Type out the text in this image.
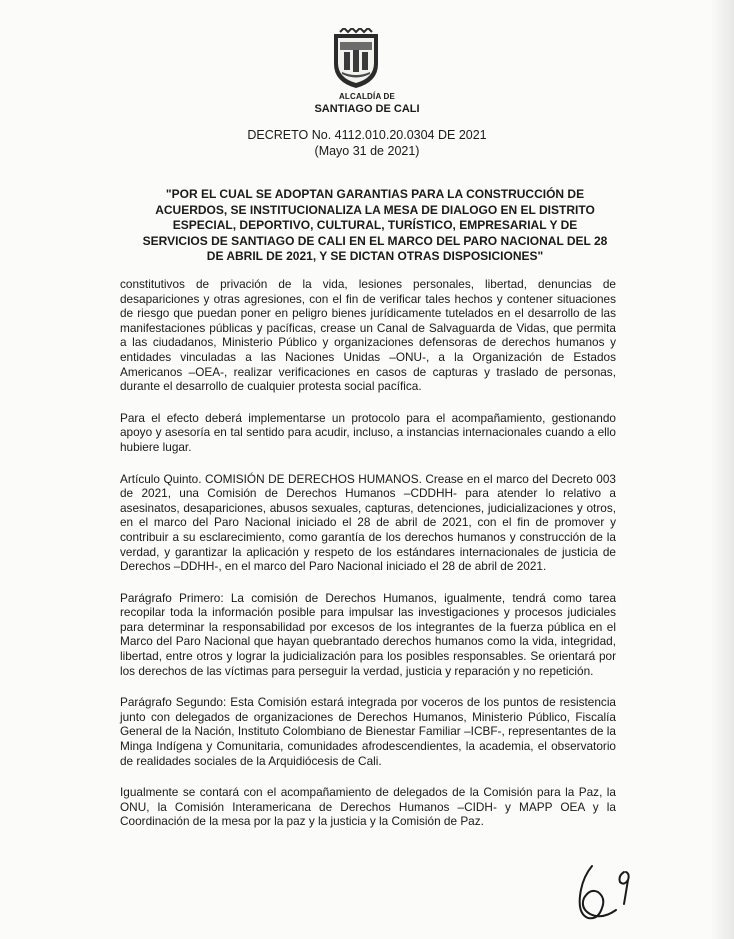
ALCALDÍA DE
SANTIAGO DE CALI
DECRETO No. 4112.010.20.0304 DE 2021
(Mayo 31 de 2021)
"POR EL CUAL SE ADOPTAN GARANTIAS PARA LA CONSTRUCCIÓN DE ACUERDOS, SE INSTITUCIONALIZA LA MESA DE DIALOGO EN EL DISTRITO ESPECIAL, DEPORTIVO, CULTURAL, TURÍSTICO, EMPRESARIAL Y DE SERVICIOS DE SANTIAGO DE CALI EN EL MARCO DEL PARO NACIONAL DEL 28 DE ABRIL DE 2021, Y SE DICTAN OTRAS DISPOSICIONES"

constitutivos de privación de la vida, lesiones personales, libertad, denuncias de desapariciones y otras agresiones, con el fin de verificar tales hechos y contener situaciones de riesgo que puedan poner en peligro bienes jurídicamente tutelados en el desarrollo de las manifestaciones públicas y pacíficas, crease un Canal de Salvaguarda de Vidas, que permita a las ciudadanos, Ministerio Público y organizaciones defensoras de derechos humanos y entidades vinculadas a las Naciones Unidas –ONU-, a la Organización de Estados Americanos –OEA-, realizar verificaciones en casos de capturas y traslado de personas, durante el desarrollo de cualquier protesta social pacífica.

Para el efecto deberá implementarse un protocolo para el acompañamiento, gestionando apoyo y asesoría en tal sentido para acudir, incluso, a instancias internacionales cuando a ello hubiere lugar.

Artículo Quinto. COMISIÓN DE DERECHOS HUMANOS. Crease en el marco del Decreto 003 de 2021, una Comisión de Derechos Humanos –CDDHH- para atender lo relativo a asesinatos, desapariciones, abusos sexuales, capturas, detenciones, judicializaciones y otros, en el marco del Paro Nacional iniciado el 28 de abril de 2021, con el fin de promover y contribuir a su esclarecimiento, como garantía de los derechos humanos y construcción de la verdad, y garantizar la aplicación y respeto de los estándares internacionales de justicia de Derechos –DDHH-, en el marco del Paro Nacional iniciado el 28 de abril de 2021.

Parágrafo Primero: La comisión de Derechos Humanos, igualmente, tendrá como tarea recopilar toda la información posible para impulsar las investigaciones y procesos judiciales para determinar la responsabilidad por excesos de los integrantes de la fuerza pública en el Marco del Paro Nacional que hayan quebrantado derechos humanos como la vida, integridad, libertad, entre otros y lograr la judicialización para los posibles responsables. Se orientará por los derechos de las víctimas para perseguir la verdad, justicia y reparación y no repetición.

Parágrafo Segundo: Esta Comisión estará integrada por voceros de los puntos de resistencia junto con delegados de organizaciones de Derechos Humanos, Ministerio Público, Fiscalía General de la Nación, Instituto Colombiano de Bienestar Familiar –ICBF-, representantes de la Minga Indígena y Comunitaria, comunidades afrodescendientes, la academia, el observatorio de realidades sociales de la Arquidiócesis de Cali.

Igualmente se contará con el acompañamiento de delegados de la Comisión para la Paz, la ONU, la Comisión Interamericana de Derechos Humanos –CIDH- y MAPP OEA y la Coordinación de la mesa por la paz y la justicia y la Comisión de Paz.
